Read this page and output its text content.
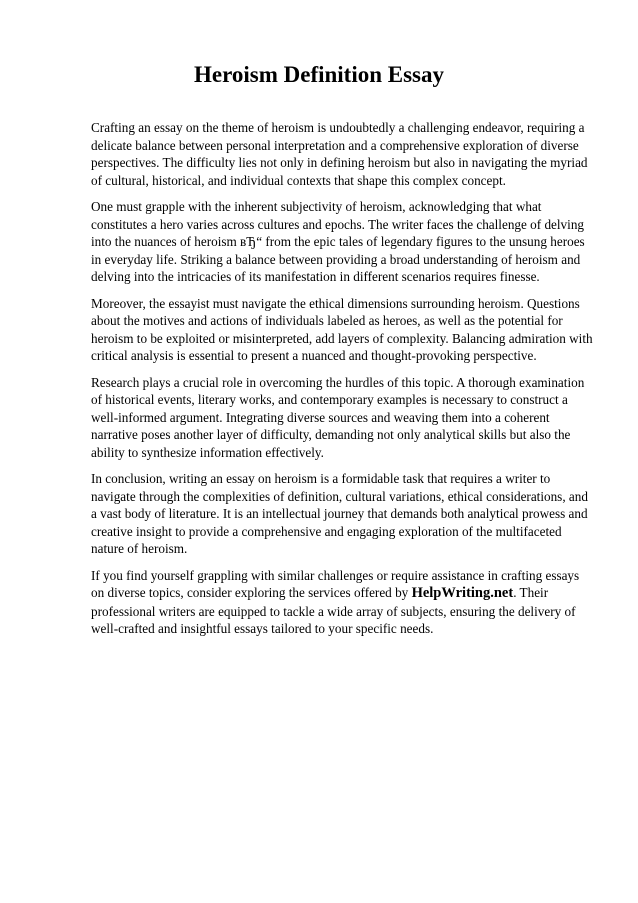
Heroism Definition Essay

Crafting an essay on the theme of heroism is undoubtedly a challenging endeavor, requiring a delicate balance between personal interpretation and a comprehensive exploration of diverse perspectives. The difficulty lies not only in defining heroism but also in navigating the myriad of cultural, historical, and individual contexts that shape this complex concept.

One must grapple with the inherent subjectivity of heroism, acknowledging that what constitutes a hero varies across cultures and epochs. The writer faces the challenge of delving into the nuances of heroism вЂ“ from the epic tales of legendary figures to the unsung heroes in everyday life. Striking a balance between providing a broad understanding of heroism and delving into the intricacies of its manifestation in different scenarios requires finesse.

Moreover, the essayist must navigate the ethical dimensions surrounding heroism. Questions about the motives and actions of individuals labeled as heroes, as well as the potential for heroism to be exploited or misinterpreted, add layers of complexity. Balancing admiration with critical analysis is essential to present a nuanced and thought-provoking perspective.

Research plays a crucial role in overcoming the hurdles of this topic. A thorough examination of historical events, literary works, and contemporary examples is necessary to construct a well-informed argument. Integrating diverse sources and weaving them into a coherent narrative poses another layer of difficulty, demanding not only analytical skills but also the ability to synthesize information effectively.

In conclusion, writing an essay on heroism is a formidable task that requires a writer to navigate through the complexities of definition, cultural variations, ethical considerations, and a vast body of literature. It is an intellectual journey that demands both analytical prowess and creative insight to provide a comprehensive and engaging exploration of the multifaceted nature of heroism.

If you find yourself grappling with similar challenges or require assistance in crafting essays on diverse topics, consider exploring the services offered by HelpWriting.net. Their professional writers are equipped to tackle a wide array of subjects, ensuring the delivery of well-crafted and insightful essays tailored to your specific needs.
